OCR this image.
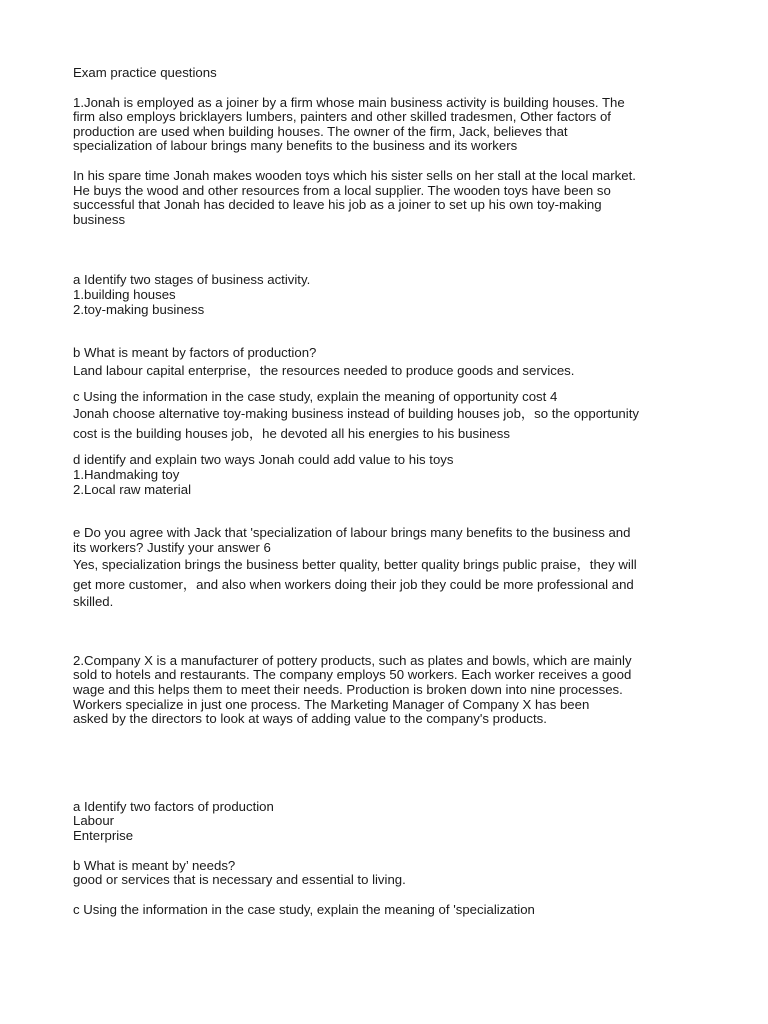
Exam practice questions
1.Jonah is employed as a joiner by a firm whose main business activity is building houses. The
firm also employs bricklayers lumbers, painters and other skilled tradesmen, Other factors of
production are used when building houses. The owner of the firm, Jack, believes that
specialization of labour brings many benefits to the business and its workers
In his spare time Jonah makes wooden toys which his sister sells on her stall at the local market.
He buys the wood and other resources from a local supplier. The wooden toys have been so
successful that Jonah has decided to leave his job as a joiner to set up his own toy-making
business
a Identify two stages of business activity.
1.building houses
2.toy-making business
b What is meant by factors of production?
Land labour capital enterprise，the resources needed to produce goods and services.
c Using the information in the case study, explain the meaning of opportunity cost 4
Jonah choose alternative toy-making business instead of building houses job，so the opportunity
cost is the building houses job，he devoted all his energies to his business
d identify and explain two ways Jonah could add value to his toys
1.Handmaking toy
2.Local raw material
e Do you agree with Jack that 'specialization of labour brings many benefits to the business and
its workers? Justify your answer 6
Yes, specialization brings the business better quality, better quality brings public praise，they will
get more customer，and also when workers doing their job they could be more professional and
skilled.
2.Company X is a manufacturer of pottery products, such as plates and bowls, which are mainly
sold to hotels and restaurants. The company employs 50 workers. Each worker receives a good
wage and this helps them to meet their needs. Production is broken down into nine processes.
Workers specialize in just one process. The Marketing Manager of Company X has been
asked by the directors to look at ways of adding value to the company's products.
a Identify two factors of production
Labour
Enterprise
b What is meant by’ needs?
good or services that is necessary and essential to living.
c Using the information in the case study, explain the meaning of 'specialization
